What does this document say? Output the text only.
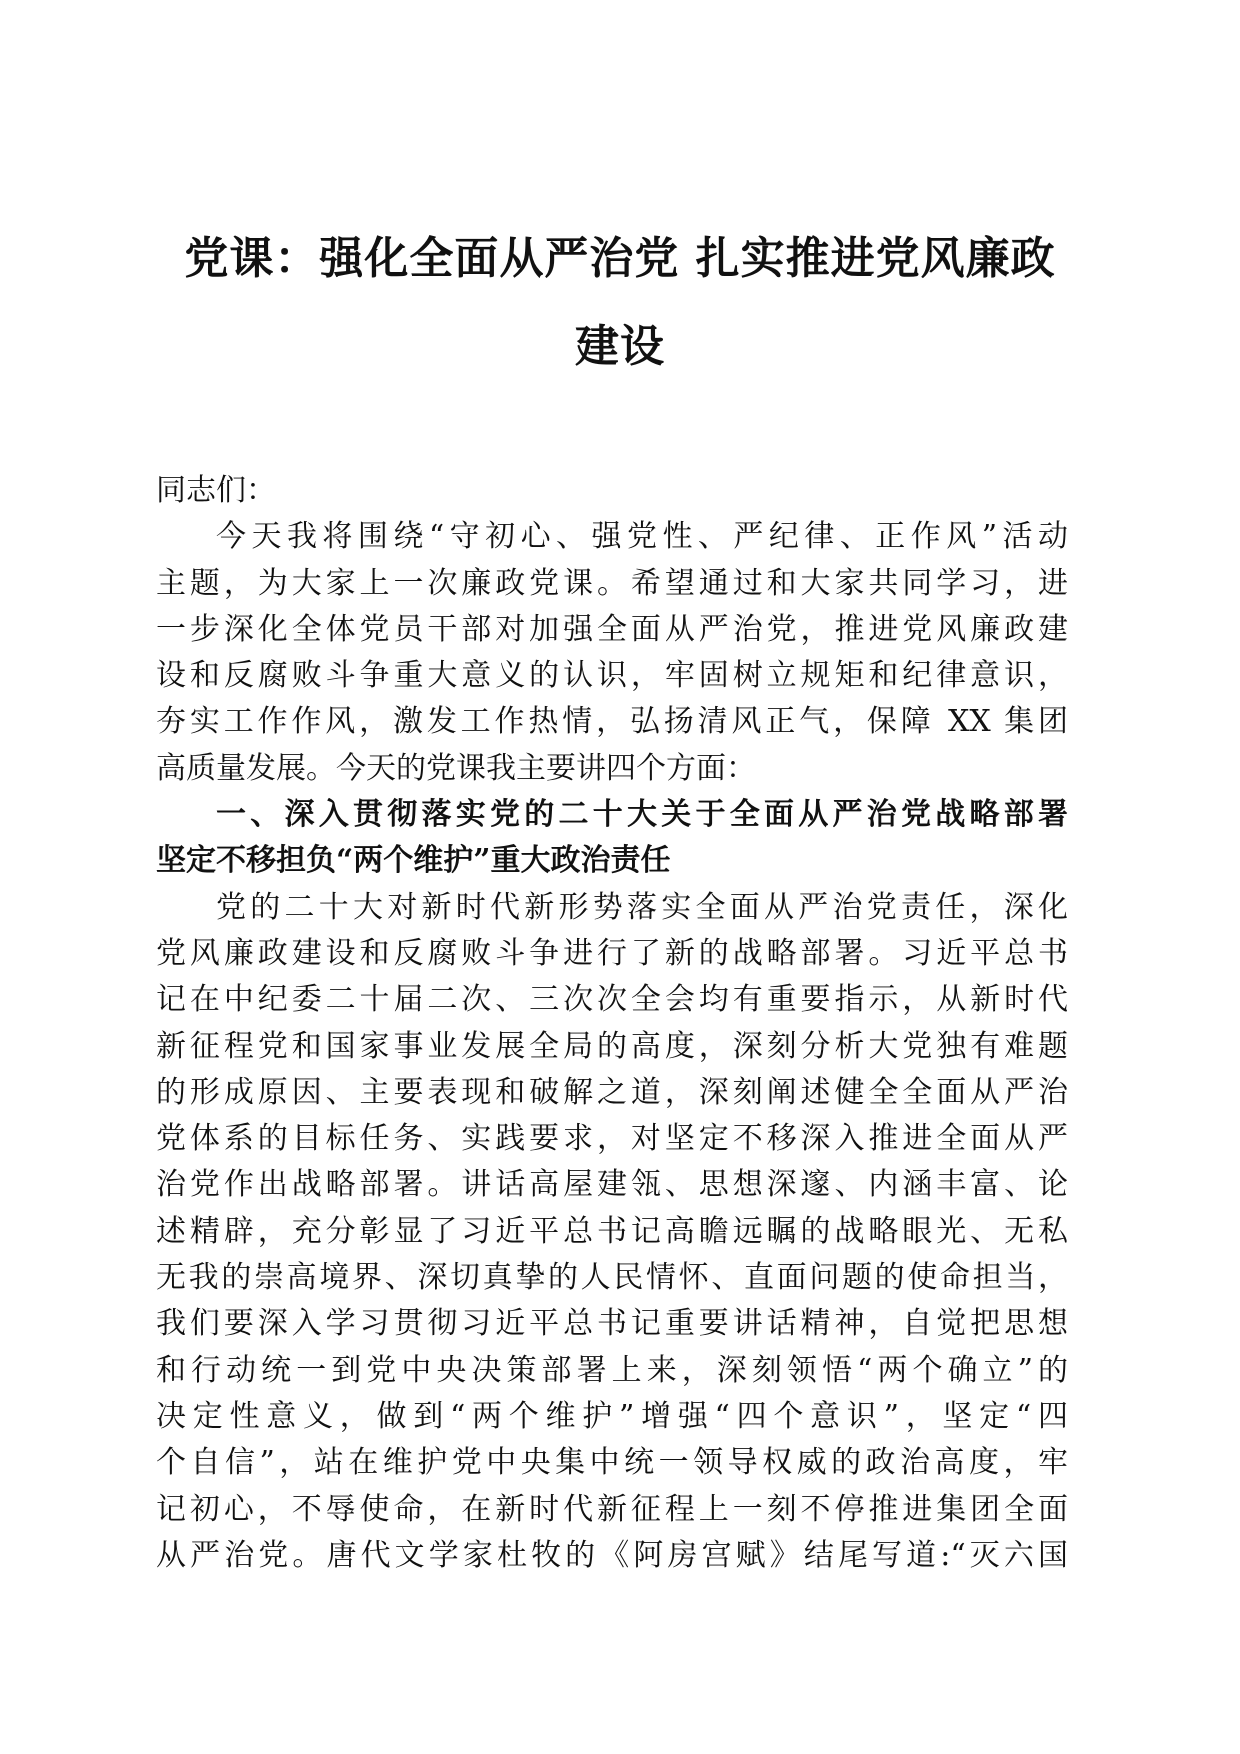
党课：强化全面从严治党 扎实推进党风廉政
建设
同志们：
今天我将围绕“守初心、强党性、严纪律、正作风”活动
主题，为大家上一次廉政党课。希望通过和大家共同学习，进
一步深化全体党员干部对加强全面从严治党，推进党风廉政建
设和反腐败斗争重大意义的认识，牢固树立规矩和纪律意识，
夯实工作作风，激发工作热情，弘扬清风正气，保障 XX 集团
高质量发展。今天的党课我主要讲四个方面：
一、深入贯彻落实党的二十大关于全面从严治党战略部署
坚定不移担负“两个维护”重大政治责任
党的二十大对新时代新形势落实全面从严治党责任，深化
党风廉政建设和反腐败斗争进行了新的战略部署。习近平总书
记在中纪委二十届二次、三次次全会均有重要指示，从新时代
新征程党和国家事业发展全局的高度，深刻分析大党独有难题
的形成原因、主要表现和破解之道，深刻阐述健全全面从严治
党体系的目标任务、实践要求，对坚定不移深入推进全面从严
治党作出战略部署。讲话高屋建瓴、思想深邃、内涵丰富、论
述精辟，充分彰显了习近平总书记高瞻远瞩的战略眼光、无私
无我的崇高境界、深切真挚的人民情怀、直面问题的使命担当，
我们要深入学习贯彻习近平总书记重要讲话精神，自觉把思想
和行动统一到党中央决策部署上来，深刻领悟“两个确立”的
决定性意义，做到“两个维护”增强“四个意识”，坚定“四
个自信”，站在维护党中央集中统一领导权威的政治高度，牢
记初心，不辱使命，在新时代新征程上一刻不停推进集团全面
从严治党。唐代文学家杜牧的《阿房宫赋》结尾写道:“灭六国
